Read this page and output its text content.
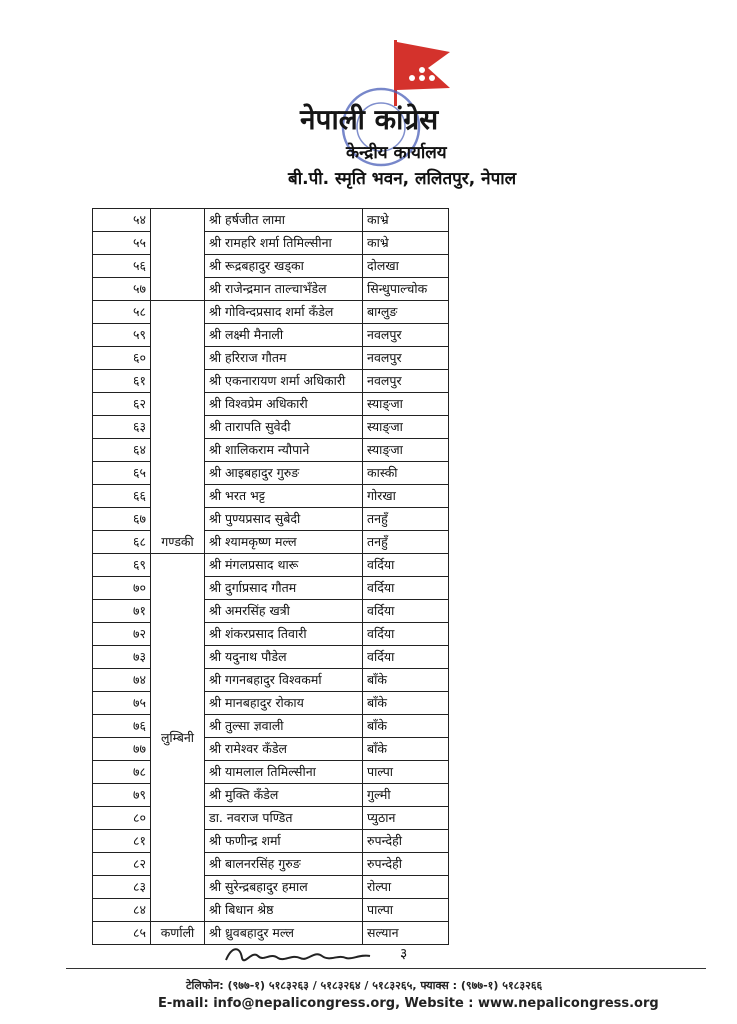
नेपाली कांग्रेस
केन्द्रीय कार्यालय
बी.पी. स्मृति भवन, ललितपुर, नेपाल
५४		श्री हर्षजीत लामा	काभ्रे
५५		श्री रामहरि शर्मा तिमिल्सीना	काभ्रे
५६		श्री रूद्रबहादुर खड्का	दोलखा
५७		श्री राजेन्द्रमान ताल्चाभँडेल	सिन्धुपाल्चोक
५८	गण्डकी	श्री गोविन्दप्रसाद शर्मा कँडेल	बाग्लुङ
५९		श्री लक्ष्मी मैनाली	नवलपुर
६०		श्री हरिराज गौतम	नवलपुर
६१		श्री एकनारायण शर्मा अधिकारी	नवलपुर
६२		श्री विश्वप्रेम अधिकारी	स्याङ्जा
६३		श्री तारापति सुवेदी	स्याङ्जा
६४		श्री शालिकराम न्यौपाने	स्याङ्जा
६५		श्री आइबहादुर गुरुङ	कास्की
६६		श्री भरत भट्ट	गोरखा
६७		श्री पुण्यप्रसाद सुबेदी	तनहुँ
६८		श्री श्यामकृष्ण मल्ल	तनहुँ
६९	लुम्बिनी	श्री मंगलप्रसाद थारू	वर्दिया
७०		श्री दुर्गाप्रसाद गौतम	वर्दिया
७१		श्री अमरसिंह खत्री	वर्दिया
७२		श्री शंकरप्रसाद तिवारी	वर्दिया
७३		श्री यदुनाथ पौडेल	वर्दिया
७४		श्री गगनबहादुर विश्वकर्मा	बाँके
७५		श्री मानबहादुर रोकाय	बाँके
७६		श्री तुल्सा ज्ञवाली	बाँके
७७		श्री रामेश्वर कँडेल	बाँके
७८		श्री यामलाल तिमिल्सीना	पाल्पा
७९		श्री मुक्ति कँडेल	गुल्मी
८०		डा. नवराज पण्डित	प्युठान
८१		श्री फणीन्द्र शर्मा	रुपन्देही
८२		श्री बालनरसिंह गुरुङ	रुपन्देही
८३		श्री सुरेन्द्रबहादुर हमाल	रोल्पा
८४		श्री बिधान श्रेष्ठ	पाल्पा
८५	कर्णाली	श्री ध्रुवबहादुर मल्ल	सल्यान
३
टेलिफोन: (९७७-१) ५१८३२६३ / ५१८३२६४ / ५१८३२६५, फ्याक्स : (९७७-१) ५१८३२६६
E-mail: info@nepalicongress.org, Website : www.nepalicongress.org
